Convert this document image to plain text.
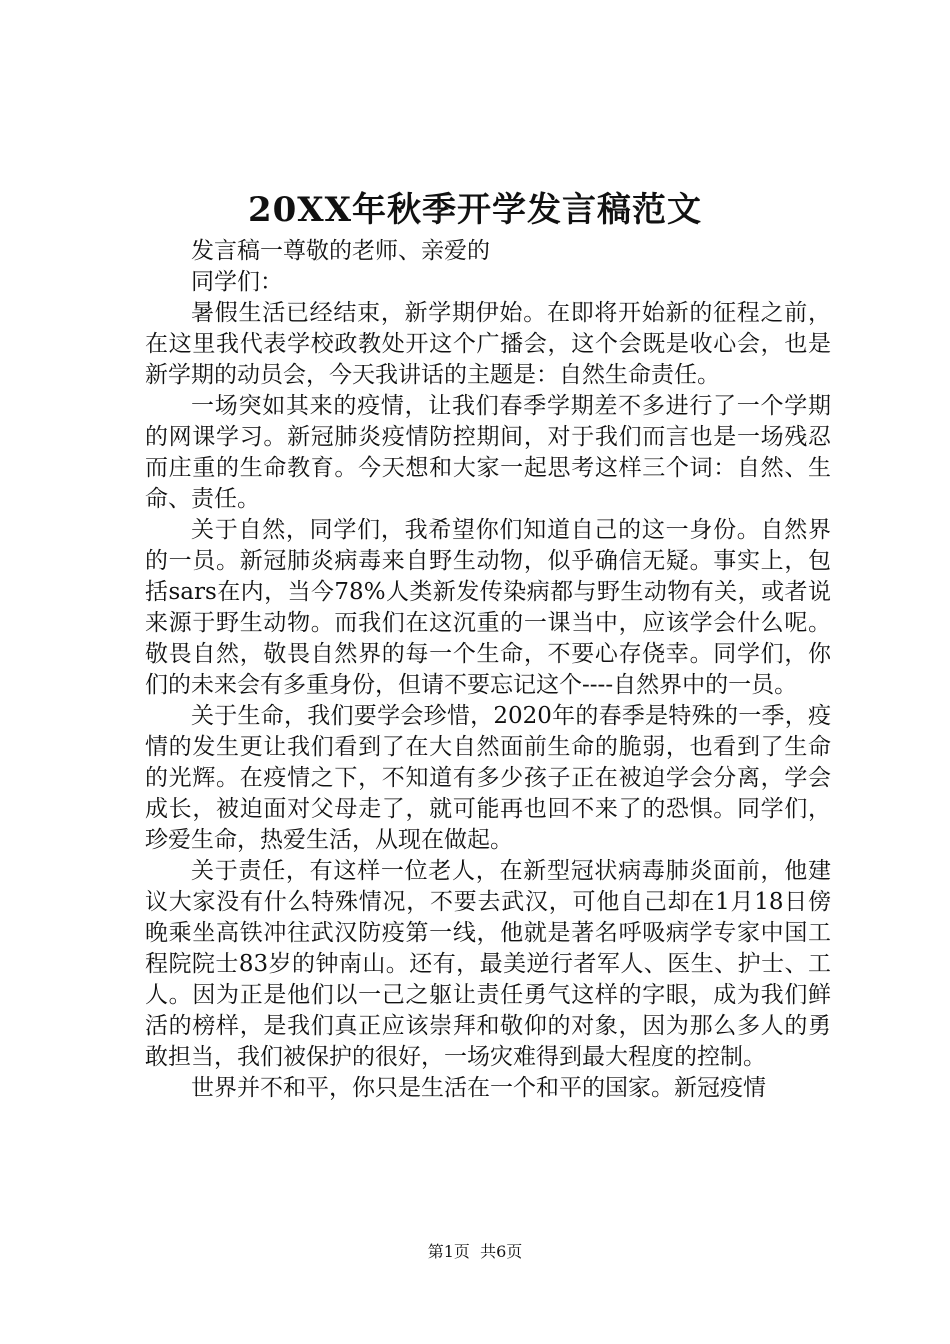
20XX年秋季开学发言稿范文

发言稿一尊敬的老师、亲爱的

同学们：

暑假生活已经结束，新学期伊始。在即将开始新的征程之前，在这里我代表学校政教处开这个广播会，这个会既是收心会，也是新学期的动员会，今天我讲话的主题是：自然生命责任。

一场突如其来的疫情，让我们春季学期差不多进行了一个学期的网课学习。新冠肺炎疫情防控期间，对于我们而言也是一场残忍而庄重的生命教育。今天想和大家一起思考这样三个词：自然、生命、责任。

关于自然，同学们，我希望你们知道自己的这一身份。自然界的一员。新冠肺炎病毒来自野生动物，似乎确信无疑。事实上，包括sars在内，当今78%人类新发传染病都与野生动物有关，或者说来源于野生动物。而我们在这沉重的一课当中，应该学会什么呢。敬畏自然，敬畏自然界的每一个生命，不要心存侥幸。同学们，你们的未来会有多重身份，但请不要忘记这个----自然界中的一员。

关于生命，我们要学会珍惜，2020年的春季是特殊的一季，疫情的发生更让我们看到了在大自然面前生命的脆弱，也看到了生命的光辉。在疫情之下，不知道有多少孩子正在被迫学会分离，学会成长，被迫面对父母走了，就可能再也回不来了的恐惧。同学们，珍爱生命，热爱生活，从现在做起。

关于责任，有这样一位老人，在新型冠状病毒肺炎面前，他建议大家没有什么特殊情况，不要去武汉，可他自己却在1月18日傍晚乘坐高铁冲往武汉防疫第一线，他就是著名呼吸病学专家中国工程院院士83岁的钟南山。还有，最美逆行者军人、医生、护士、工人。因为正是他们以一己之躯让责任勇气这样的字眼，成为我们鲜活的榜样，是我们真正应该崇拜和敬仰的对象，因为那么多人的勇敢担当，我们被保护的很好，一场灾难得到最大程度的控制。

世界并不和平，你只是生活在一个和平的国家。新冠疫情

第1页  共6页
